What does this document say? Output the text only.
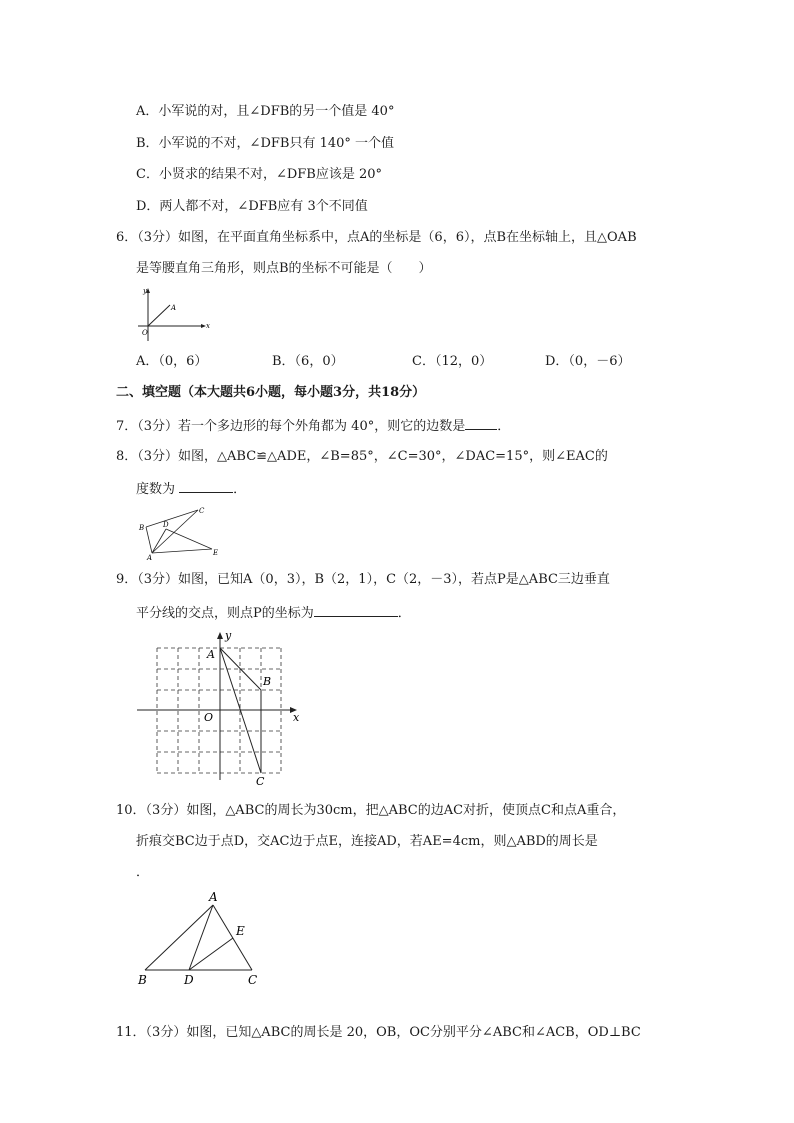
A．小军说的对，且∠DFB的另一个值是 40°
B．小军说的不对，∠DFB只有 140° 一个值
C．小贤求的结果不对，∠DFB应该是 20°
D．两人都不对，∠DFB应有 3个不同值
6．（3分）如图，在平面直角坐标系中，点A的坐标是（6，6），点B在坐标轴上，且△OAB
是等腰直角三角形，则点B的坐标不可能是（　　）
y
x
O
A
A．（0，6）	B．（6，0）	C．（12，0）	D．（0，－6）
二、填空题（本大题共6小题，每小题3分，共18分）
7．（3分）若一个多边形的每个外角都为 40°，则它的边数是 ．
8．（3分）如图，△ABC≌△ADE，∠B=85°，∠C=30°，∠DAC=15°，则∠EAC的
度数为	．
B	D
C
A
E
9．（3分）如图，已知A（0，3），B（2，1），C（2，－3），若点P是△ABC三边垂直
平分线的交点，则点P的坐标为	．
y
x
O
A
B
C
10．（3分）如图，△ABC的周长为30cm，把△ABC的边AC对折，使顶点C和点A重合，
折痕交BC边于点D，交AC边于点E，连接AD，若AE=4cm，则△ABD的周长是
．
A
E
B	D	C
11．（3分）如图，已知△ABC的周长是 20，OB，OC分别平分∠ABC和∠ACB，OD⊥BC
